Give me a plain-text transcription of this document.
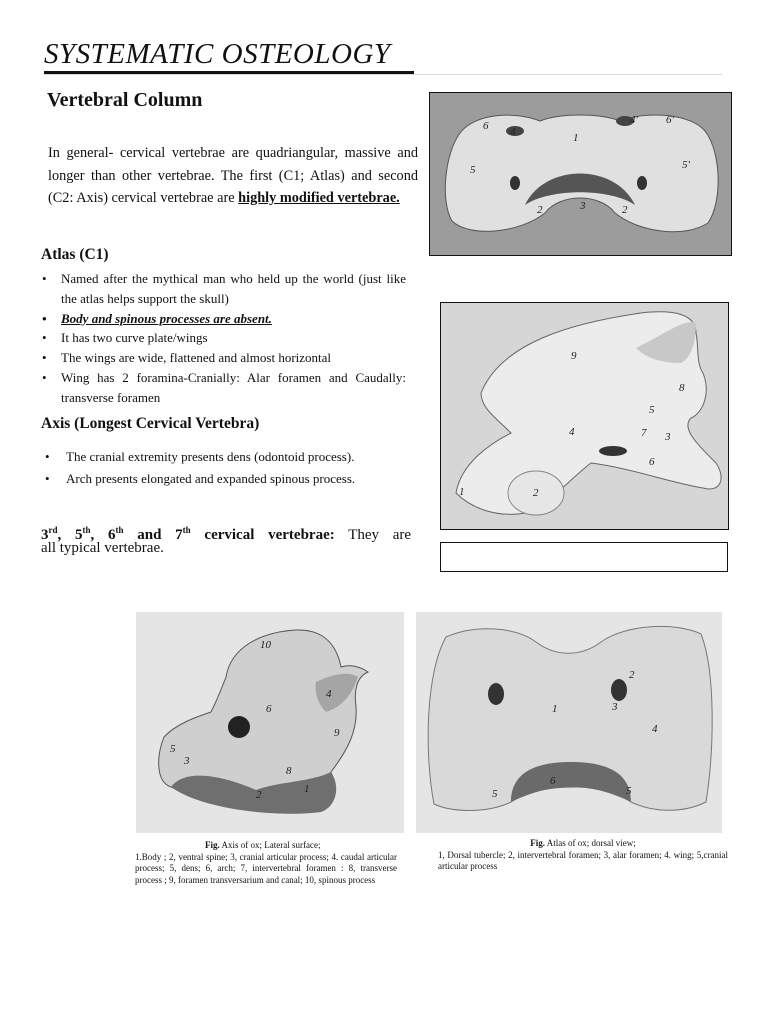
SYSTEMATIC OSTEOLOGY
Vertebral Column

In general- cervical vertebrae are quadriangular, massive and longer than other vertebrae. The first (C1; Atlas) and second (C2: Axis) cervical vertebrae are highly modified vertebrae.

Atlas (C1)
• Named after the mythical man who held up the world (just like the atlas helps support the skull)
• Body and spinous processes are absent.
• It has two curve plate/wings
• The wings are wide, flattened and almost horizontal
• Wing has 2 foramina-Cranially: Alar foramen and Caudally: transverse foramen
Axis (Longest Cervical Vertebra)
• The cranial extremity presents dens (odontoid process).
• Arch presents elongated and expanded spinous process.

3rd, 5th, 6th and 7th cervical vertebrae: They are

all typical vertebrae.

6 4	1
4'	6'
5	5'
2	3	2
9
8
5
4	7 3
6
1	2
10
4
6
7	9
5
3
8
2	1
2
1	3
4
5
6
5
Fig. Axis of ox; Lateral surface;
1.Body ; 2, ventral spine; 3, cranial articular process; 4. caudal articular process; 5, dens; 6, arch; 7, intervertebral foramen : 8, transverse process ; 9, foramen transversarium and canal; 10, spinous process
Fig. Atlas of ox; dorsal view;
1, Dorsal tubercle; 2, intervertebral foramen; 3, alar foramen; 4. wing; 5,cranial articular process
